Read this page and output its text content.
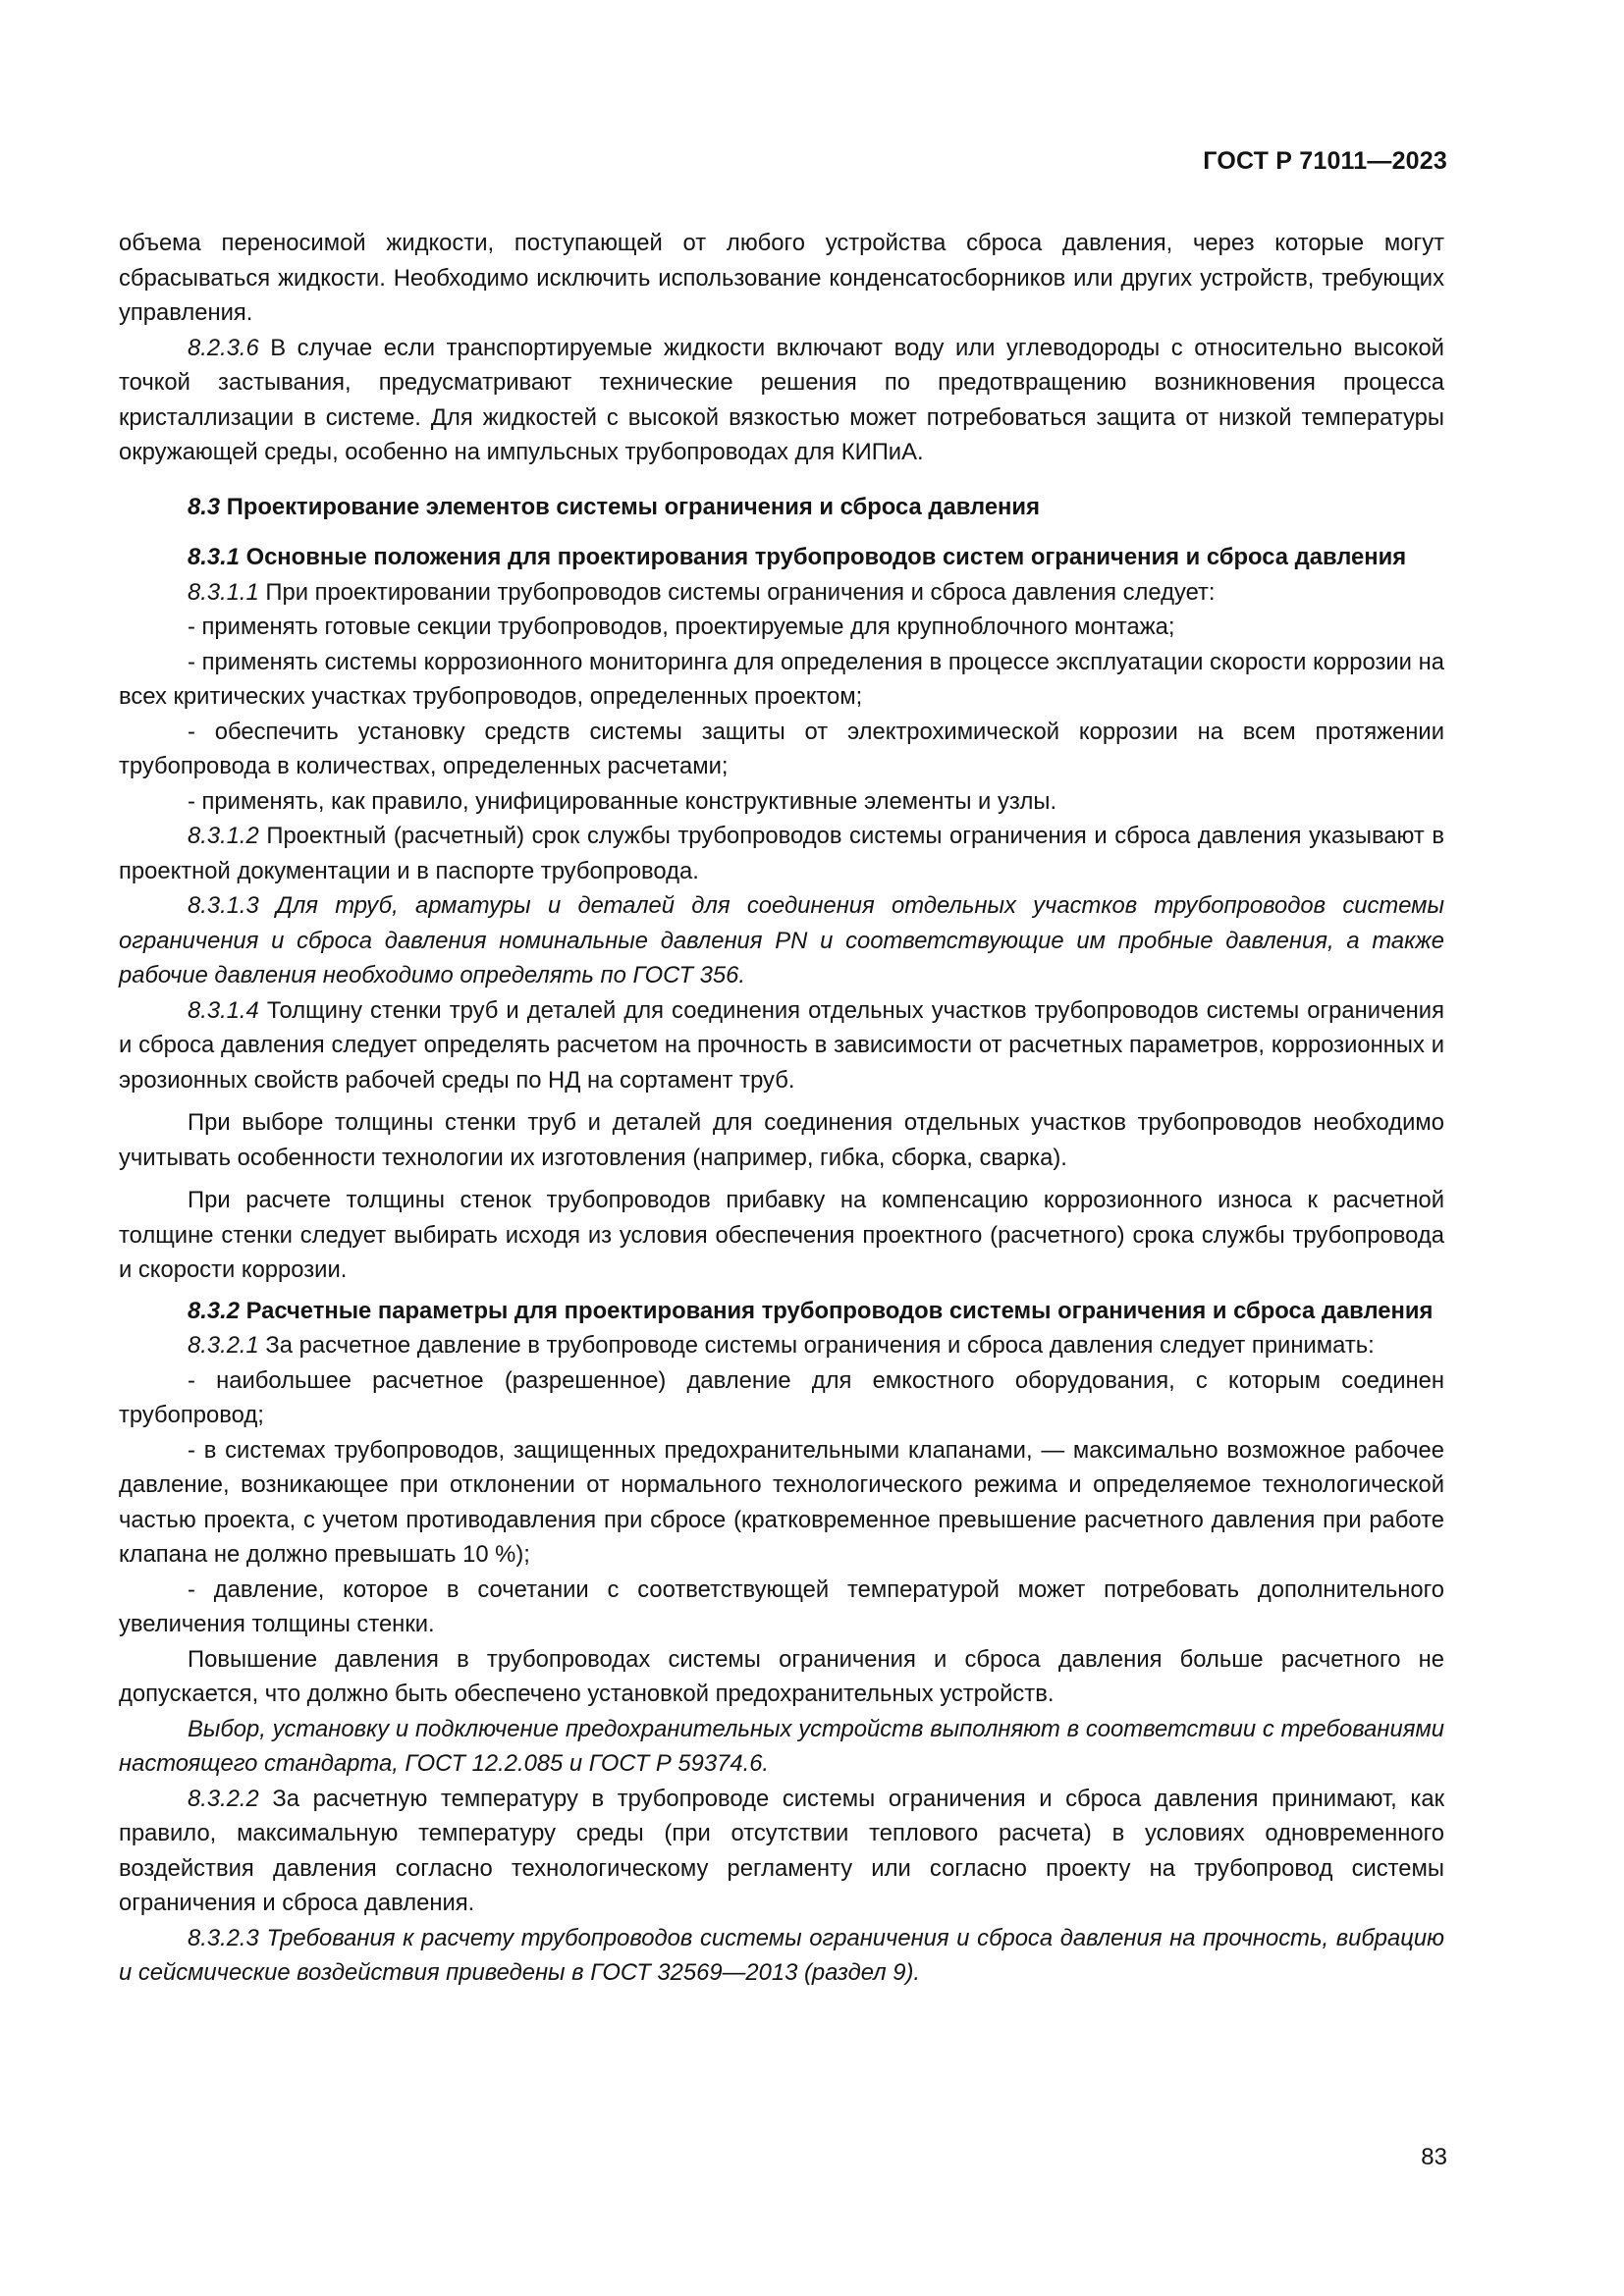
ГОСТ Р 71011—2023

объема переносимой жидкости, поступающей от любого устройства сброса давления, через которые могут сбрасываться жидкости. Необходимо исключить использование конденсатосборников или других устройств, требующих управления.

8.2.3.6 В случае если транспортируемые жидкости включают воду или углеводороды с относительно высокой точкой застывания, предусматривают технические решения по предотвращению возникновения процесса кристаллизации в системе. Для жидкостей с высокой вязкостью может потребоваться защита от низкой температуры окружающей среды, особенно на импульсных трубопроводах для КИПиА.

8.3 Проектирование элементов системы ограничения и сброса давления

8.3.1 Основные положения для проектирования трубопроводов систем ограничения и сброса давления

8.3.1.1 При проектировании трубопроводов системы ограничения и сброса давления следует:

- применять готовые секции трубопроводов, проектируемые для крупноблочного монтажа;

- применять системы коррозионного мониторинга для определения в процессе эксплуатации скорости коррозии на всех критических участках трубопроводов, определенных проектом;

- обеспечить установку средств системы защиты от электрохимической коррозии на всем протяжении трубопровода в количествах, определенных расчетами;

- применять, как правило, унифицированные конструктивные элементы и узлы.

8.3.1.2 Проектный (расчетный) срок службы трубопроводов системы ограничения и сброса давления указывают в проектной документации и в паспорте трубопровода.

8.3.1.3 Для труб, арматуры и деталей для соединения отдельных участков трубопроводов системы ограничения и сброса давления номинальные давления PN и соответствующие им пробные давления, а также рабочие давления необходимо определять по ГОСТ 356.

8.3.1.4 Толщину стенки труб и деталей для соединения отдельных участков трубопроводов системы ограничения и сброса давления следует определять расчетом на прочность в зависимости от расчетных параметров, коррозионных и эрозионных свойств рабочей среды по НД на сортамент труб.

При выборе толщины стенки труб и деталей для соединения отдельных участков трубопроводов необходимо учитывать особенности технологии их изготовления (например, гибка, сборка, сварка).

При расчете толщины стенок трубопроводов прибавку на компенсацию коррозионного износа к расчетной толщине стенки следует выбирать исходя из условия обеспечения проектного (расчетного) срока службы трубопровода и скорости коррозии.

8.3.2 Расчетные параметры для проектирования трубопроводов системы ограничения и сброса давления

8.3.2.1 За расчетное давление в трубопроводе системы ограничения и сброса давления следует принимать:

- наибольшее расчетное (разрешенное) давление для емкостного оборудования, с которым соединен трубопровод;

- в системах трубопроводов, защищенных предохранительными клапанами, — максимально возможное рабочее давление, возникающее при отклонении от нормального технологического режима и определяемое технологической частью проекта, с учетом противодавления при сбросе (кратковременное превышение расчетного давления при работе клапана не должно превышать 10 %);

- давление, которое в сочетании с соответствующей температурой может потребовать дополнительного увеличения толщины стенки.

Повышение давления в трубопроводах системы ограничения и сброса давления больше расчетного не допускается, что должно быть обеспечено установкой предохранительных устройств.

Выбор, установку и подключение предохранительных устройств выполняют в соответствии с требованиями настоящего стандарта, ГОСТ 12.2.085 и ГОСТ Р 59374.6.

8.3.2.2 За расчетную температуру в трубопроводе системы ограничения и сброса давления принимают, как правило, максимальную температуру среды (при отсутствии теплового расчета) в условиях одновременного воздействия давления согласно технологическому регламенту или согласно проекту на трубопровод системы ограничения и сброса давления.

8.3.2.3 Требования к расчету трубопроводов системы ограничения и сброса давления на прочность, вибрацию и сейсмические воздействия приведены в ГОСТ 32569—2013 (раздел 9).

83
